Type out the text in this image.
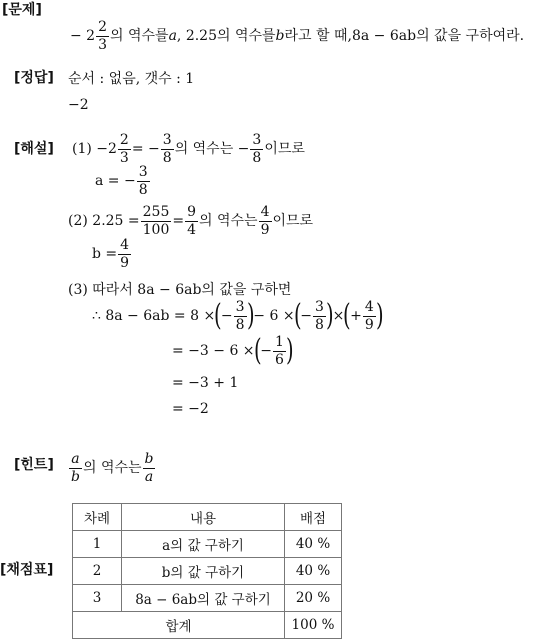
[문제]
[정답]
[해설]
[힌트]
[채점표]
− $2 \frac{2}{3}$ 의 역수를 a , 2.25의 역수를 b 라고 할 때, 8a − 6ab 의 값을 구하여라.
순서 : 없음, 갯수 : 1
−2
$(1) -2 \frac{2}{3}$ = − $\frac{3}{8}$ 의 역수는 − $\frac{3}{8}$ 이므로
a = − $\frac{3}{8}$
(2) $2.25 = \frac{255}{100} = \frac{9}{4}$ 의 역수는 $\frac{4}{9}$ 이므로
$b = \frac{4}{9}$
(3) 따라서 8a − 6ab의 값을 구하면
∴ 8a − 6ab = 8 × ( − $\frac{3}{8}$ ) − 6 × ( − $\frac{3}{8}$ ) × ( + $\frac{4}{9}$ )
= −3 − 6 × ( − $\frac{1}{6}$ )
= −3 + 1
= −2
$\frac{a}{b}$ 의 역수는 $\frac{b}{a}$
차례	내용	배점
1	a의 값 구하기	40 %
2	b의 값 구하기	40 %
3	8a − 6ab의 값 구하기	20 %
합계		100 %
